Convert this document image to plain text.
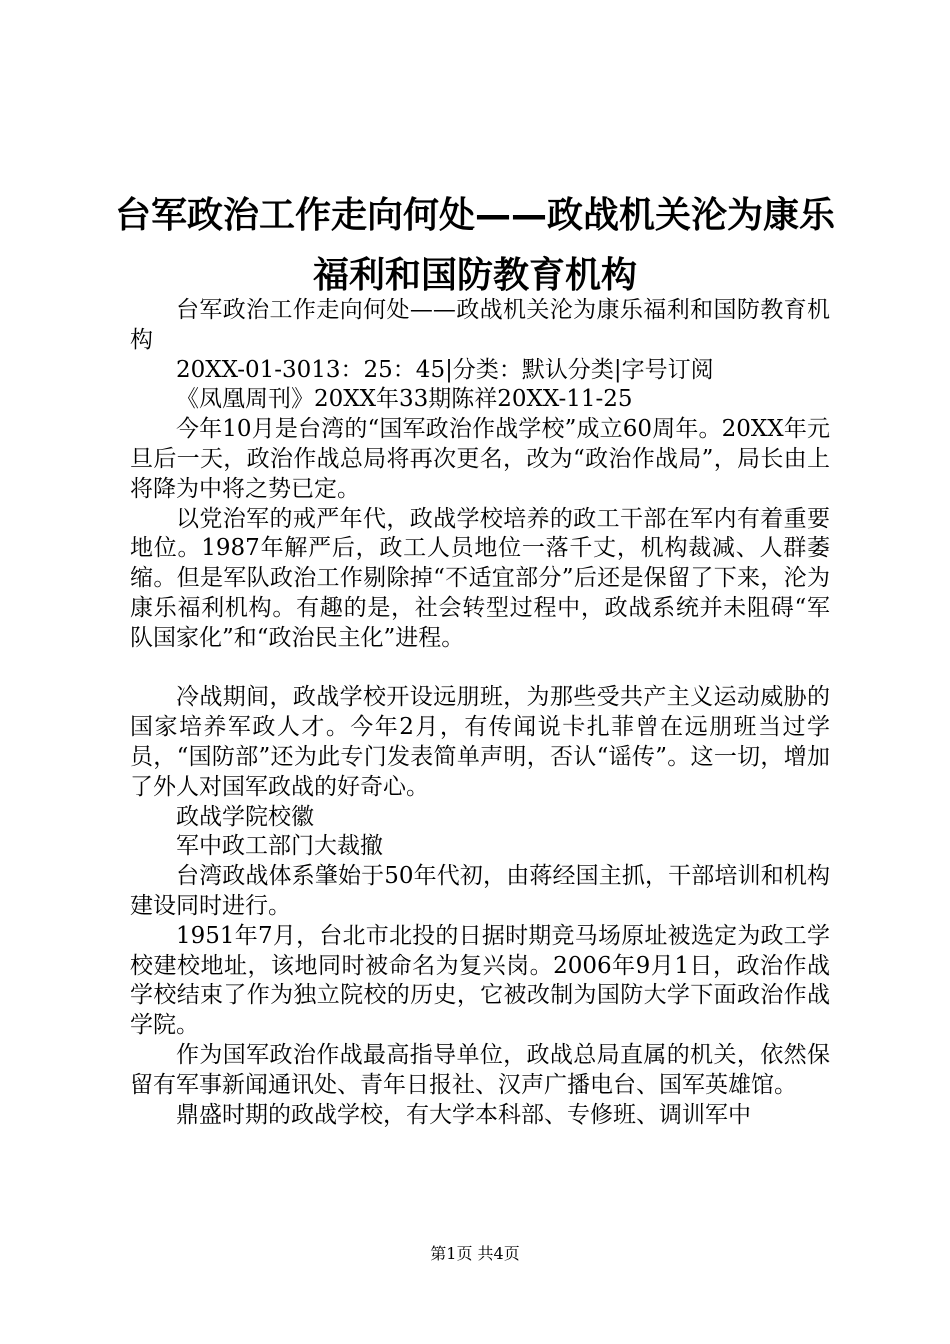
台军政治工作走向何处——政战机关沦为康乐
福利和国防教育机构

台军政治工作走向何处——政战机关沦为康乐福利和国防教育机构

20XX-01-3013：25：45|分类：默认分类|字号订阅

《凤凰周刊》20XX年33期陈祥20XX-11-25

今年10月是台湾的“国军政治作战学校”成立60周年。20XX年元旦后一天，政治作战总局将再次更名，改为“政治作战局”，局长由上将降为中将之势已定。

以党治军的戒严年代，政战学校培养的政工干部在军内有着重要地位。1987年解严后，政工人员地位一落千丈，机构裁减、人群萎缩。但是军队政治工作剔除掉“不适宜部分”后还是保留了下来，沦为康乐福利机构。有趣的是，社会转型过程中，政战系统并未阻碍“军队国家化”和“政治民主化”进程。

冷战期间，政战学校开设远朋班，为那些受共产主义运动威胁的国家培养军政人才。今年2月，有传闻说卡扎菲曾在远朋班当过学员，“国防部”还为此专门发表简单声明，否认“谣传”。这一切，增加了外人对国军政战的好奇心。

政战学院校徽

军中政工部门大裁撤

台湾政战体系肇始于50年代初，由蒋经国主抓，干部培训和机构建设同时进行。

1951年7月，台北市北投的日据时期竞马场原址被选定为政工学校建校地址，该地同时被命名为复兴岗。2006年9月1日，政治作战学校结束了作为独立院校的历史，它被改制为国防大学下面政治作战学院。

作为国军政治作战最高指导单位，政战总局直属的机关，依然保留有军事新闻通讯处、青年日报社、汉声广播电台、国军英雄馆。

鼎盛时期的政战学校，有大学本科部、专修班、调训军中

第1页 共4页
